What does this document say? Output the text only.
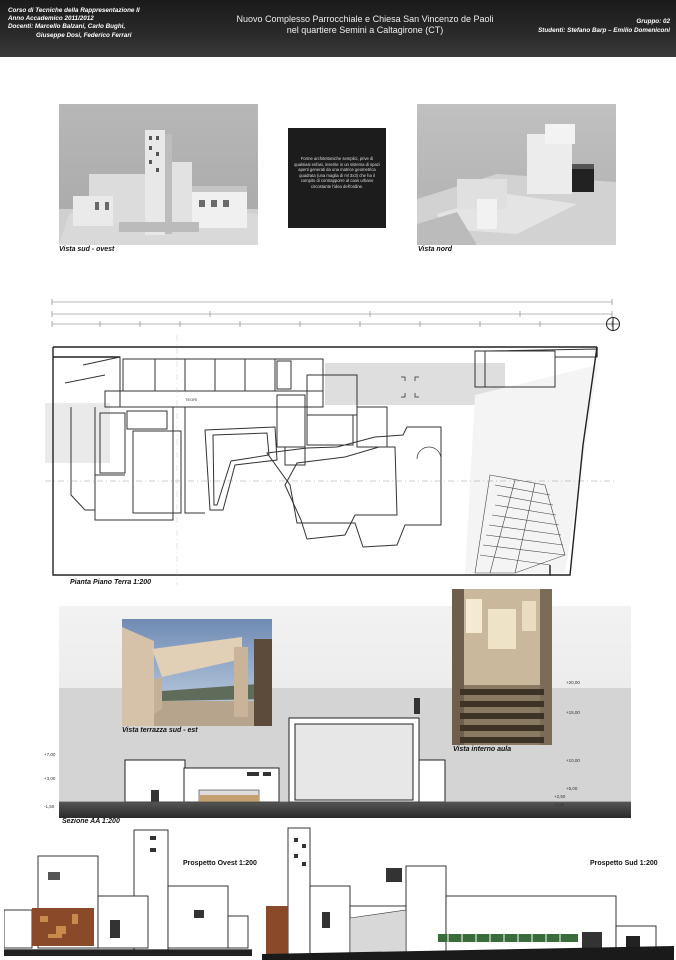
Corso di Tecniche della Rappresentazione II
Anno Accademico 2011/2012
Docenti: Marcello Balzani, Carlo Bughi,
Giuseppe Dosi, Federico Ferrari
Nuovo Complesso Parrocchiale e Chiesa San Vincenzo de Paoli
nel quartiere Semini a Caltagirone (CT)
Gruppo: 02
Studenti: Stefano Barp – Emilio Domeniconi
Vista sud - ovest
Forme architettoniche semplici, prive di qualsiasi enfasi, inserite in un sistema di spazi aperti generati da una matrice geometrica quadrata (una maglia di ml 3x3) che ha il compito di contrapporre al caos urbano circostante l'idea dell'ordine.
Vista nord
TEORI
Pianta Piano Terra 1:200
+20,00
+15,00
+10,00
+5,00
+2,50
-1,50
+7,00
+3,00
-1,50
Vista terrazza sud - est
Vista interno aula
Sezione AA 1:200
Prospetto Ovest 1:200	Prospetto Sud 1:200
